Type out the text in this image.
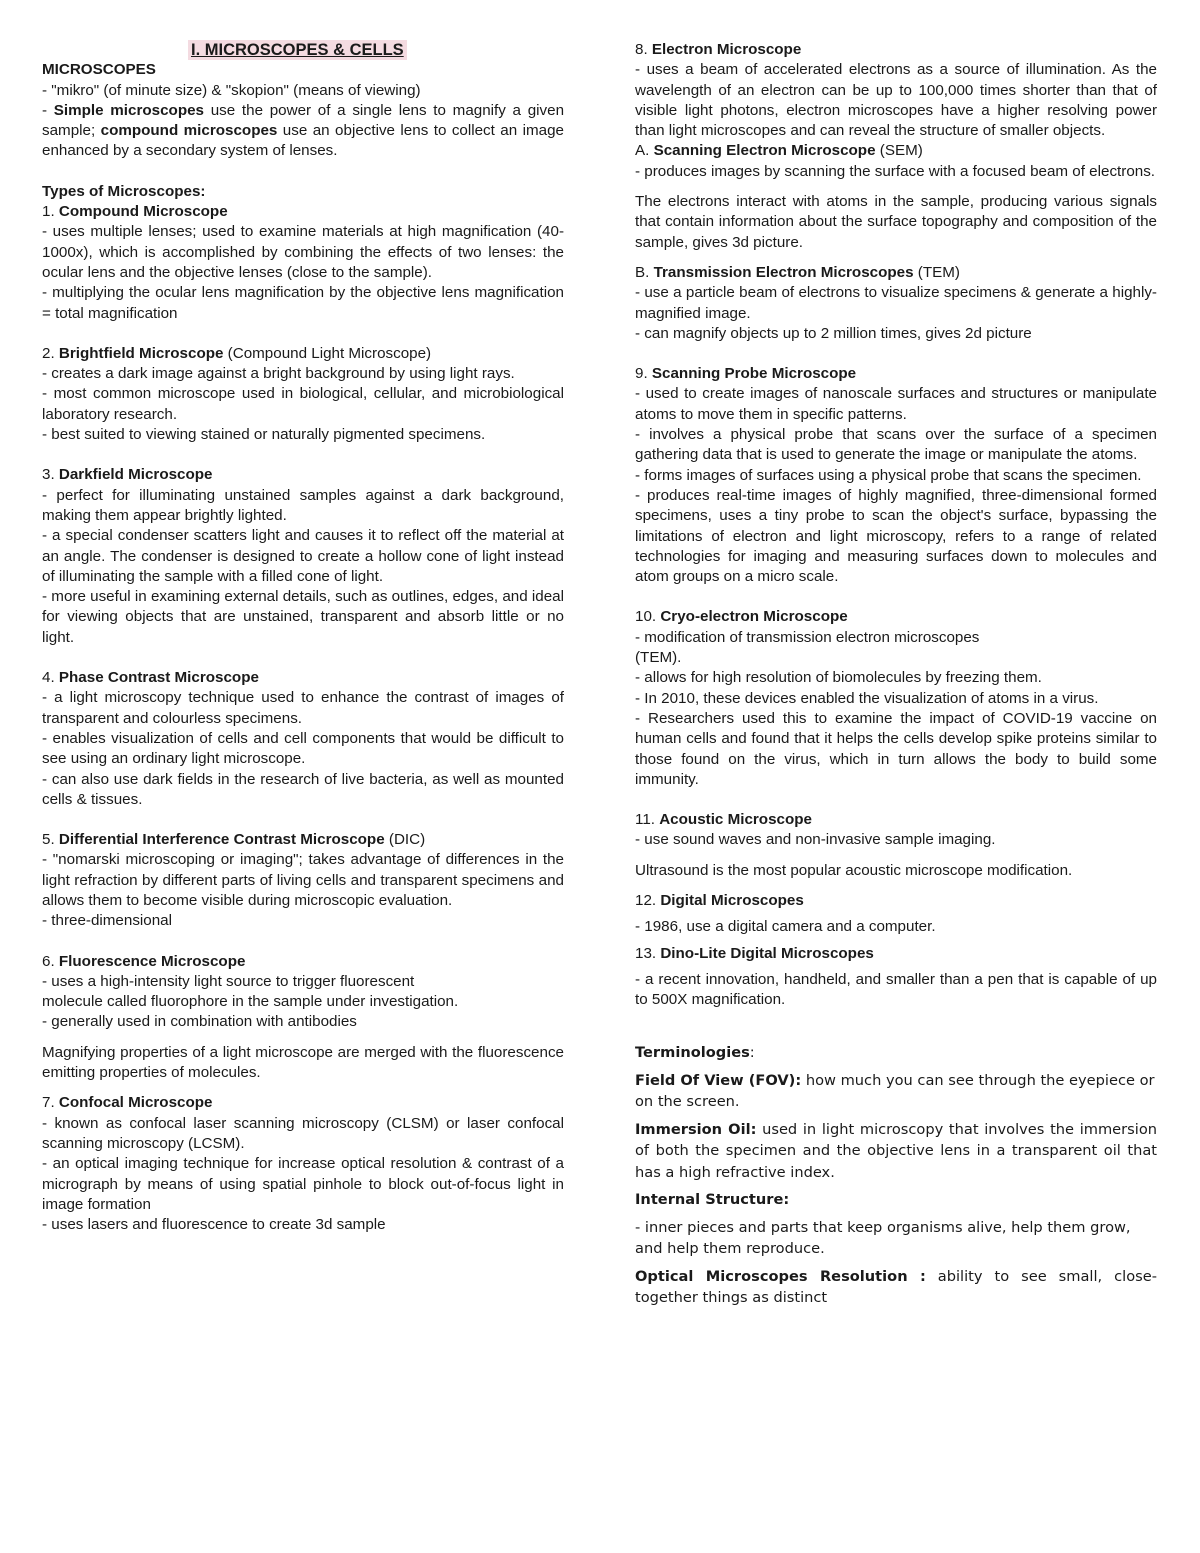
I. MICROSCOPES & CELLS
MICROSCOPES
- "mikro" (of minute size) & "skopion" (means of viewing)
- Simple microscopes use the power of a single lens to magnify a given sample; compound microscopes use an objective lens to collect an image enhanced by a secondary system of lenses.
Types of Microscopes:
1. Compound Microscope
- uses multiple lenses; used to examine materials at high magnification (40-1000x), which is accomplished by combining the effects of two lenses: the ocular lens and the objective lenses (close to the sample).
- multiplying the ocular lens magnification by the objective lens magnification = total magnification
2. Brightfield Microscope (Compound Light Microscope)
- creates a dark image against a bright background by using light rays.
- most common microscope used in biological, cellular, and microbiological laboratory research.
- best suited to viewing stained or naturally pigmented specimens.
3. Darkfield Microscope
- perfect for illuminating unstained samples against a dark background, making them appear brightly lighted.
- a special condenser scatters light and causes it to reflect off the material at an angle. The condenser is designed to create a hollow cone of light instead of illuminating the sample with a filled cone of light.
- more useful in examining external details, such as outlines, edges, and ideal for viewing objects that are unstained, transparent and absorb little or no light.
4. Phase Contrast Microscope
- a light microscopy technique used to enhance the contrast of images of transparent and colourless specimens.
- enables visualization of cells and cell components that would be difficult to see using an ordinary light microscope.
- can also use dark fields in the research of live bacteria, as well as mounted cells & tissues.
5. Differential Interference Contrast Microscope (DIC)
- "nomarski microscoping or imaging"; takes advantage of differences in the light refraction by different parts of living cells and transparent specimens and allows them to become visible during microscopic evaluation.
- three-dimensional
6. Fluorescence Microscope
- uses a high-intensity light source to trigger fluorescent
molecule called fluorophore in the sample under investigation.
- generally used in combination with antibodies
Magnifying properties of a light microscope are merged with the fluorescence emitting properties of molecules.
7. Confocal Microscope
- known as confocal laser scanning microscopy (CLSM) or laser confocal scanning microscopy (LCSM).
- an optical imaging technique for increase optical resolution & contrast of a micrograph by means of using spatial pinhole to block out-of-focus light in image formation
- uses lasers and fluorescence to create 3d sample
8. Electron Microscope
- uses a beam of accelerated electrons as a source of illumination. As the wavelength of an electron can be up to 100,000 times shorter than that of visible light photons, electron microscopes have a higher resolving power than light microscopes and can reveal the structure of smaller objects.
A. Scanning Electron Microscope (SEM)
- produces images by scanning the surface with a focused beam of electrons.
The electrons interact with atoms in the sample, producing various signals that contain information about the surface topography and composition of the sample, gives 3d picture.
B. Transmission Electron Microscopes (TEM)
- use a particle beam of electrons to visualize specimens & generate a highly- magnified image.
- can magnify objects up to 2 million times, gives 2d picture
9. Scanning Probe Microscope
- used to create images of nanoscale surfaces and structures or manipulate atoms to move them in specific patterns.
- involves a physical probe that scans over the surface of a specimen gathering data that is used to generate the image or manipulate the atoms.
- forms images of surfaces using a physical probe that scans the specimen.
- produces real-time images of highly magnified, three-dimensional formed specimens, uses a tiny probe to scan the object's surface, bypassing the limitations of electron and light microscopy, refers to a range of related technologies for imaging and measuring surfaces down to molecules and atom groups on a micro scale.
10. Cryo-electron Microscope
- modification of transmission electron microscopes
(TEM).
- allows for high resolution of biomolecules by freezing them.
- In 2010, these devices enabled the visualization of atoms in a virus.
- Researchers used this to examine the impact of COVID-19 vaccine on human cells and found that it helps the cells develop spike proteins similar to those found on the virus, which in turn allows the body to build some immunity.
11. Acoustic Microscope
- use sound waves and non-invasive sample imaging.
Ultrasound is the most popular acoustic microscope modification.
12. Digital Microscopes
- 1986, use a digital camera and a computer.
13. Dino-Lite Digital Microscopes
- a recent innovation, handheld, and smaller than a pen that is capable of up to 500X magnification.
Terminologies:
Field Of View (FOV): how much you can see through the eyepiece or on the screen.
Immersion Oil: used in light microscopy that involves the immersion of both the specimen and the objective lens in a transparent oil that has a high refractive index.
Internal Structure:
- inner pieces and parts that keep organisms alive, help them grow, and help them reproduce.
Optical Microscopes Resolution : ability to see small, close-together things as distinct
